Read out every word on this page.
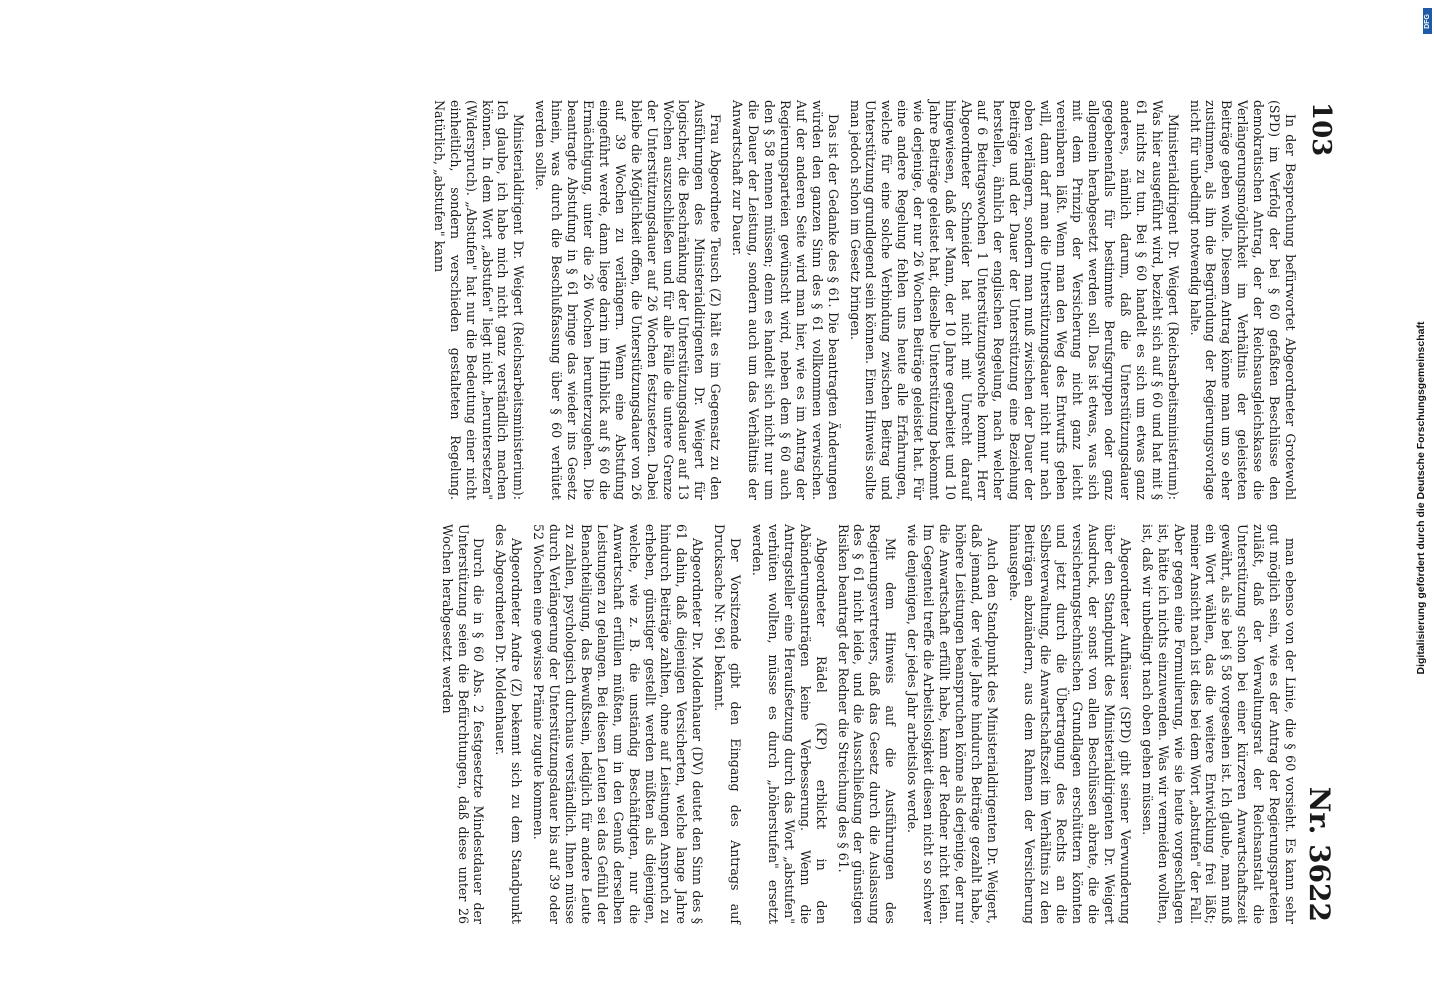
103
Nr. 3622

In der Besprechung befürwortet Abgeordneter Grotewohl (SPD) im Verfolg der bei § 60 gefaßten Beschlüsse den demokratischen Antrag, der der Reichsausgleichskasse die Verlängerungsmöglichkeit im Verhältnis der geleisteten Beiträge geben wolle. Diesem Antrag könne man um so eher zustimmen, als ihn die Begründung der Regierungsvorlage nicht für unbedingt notwendig halte.

Ministerialdirigent Dr. Weigert (Reichsarbeitsministerium): Was hier ausgeführt wird, bezieht sich auf § 60 und hat mit § 61 nichts zu tun. Bei § 60 handelt es sich um etwas ganz anderes, nämlich darum, daß die Unterstützungsdauer gegebenenfalls für bestimmte Berufsgruppen oder ganz allgemein herabgesetzt werden soll. Das ist etwas, was sich mit dem Prinzip der Versicherung nicht ganz leicht vereinbaren läßt. Wenn man den Weg des Entwurfs gehen will, dann darf man die Unterstützungsdauer nicht nur nach oben verlängern, sondern man muß zwischen der Dauer der Beiträge und der Dauer der Unterstützung eine Beziehung herstellen, ähnlich der englischen Regelung, nach welcher auf 6 Beitragswochen 1 Unterstützungswoche kommt. Herr Abgeordneter Schneider hat nicht mit Unrecht darauf hingewiesen, daß der Mann, der 10 Jahre gearbeitet und 10 Jahre Beiträge geleistet hat, dieselbe Unterstützung bekommt wie derjenige, der nur 26 Wochen Beiträge geleistet hat. Für eine andere Regelung fehlen uns heute alle Erfahrungen, welche für eine solche Verbindung zwischen Beitrag und Unterstützung grundlegend sein können. Einen Hinweis sollte man jedoch schon im Gesetz bringen.

Das ist der Gedanke des § 61. Die beantragten Änderungen würden den ganzen Sinn des § 61 vollkommen verwischen. Auf der anderen Seite wird man hier, wie es im Antrag der Regierungsparteien gewünscht wird, neben dem § 60 auch den § 58 nennen müssen; denn es handelt sich nicht nur um die Dauer der Leistung, sondern auch um das Verhältnis der Anwartschaft zur Dauer.

Frau Abgeordnete Teusch (Z) hält es im Gegensatz zu den Ausführungen des Ministerialdirigenten Dr. Weigert für logischer, die Beschränkung der Unterstützungsdauer auf 13 Wochen auszuschließen und für alle Fälle die untere Grenze der Unterstützungsdauer auf 26 Wochen festzusetzen. Dabei bleibe die Möglichkeit offen, die Unterstützungsdauer von 26 auf 39 Wochen zu verlängern. Wenn eine Abstufung eingeführt werde, dann liege darin im Hinblick auf § 60 die Ermächtigung, unter die 26 Wochen herunterzugehen. Die beantragte Abstufung in § 61 bringe das wieder ins Gesetz hinein, was durch die Beschlußfassung über § 60 verhütet werden sollte.

Ministerialdirigent Dr. Weigert (Reichsarbeitsministerium): Ich glaube, ich habe mich nicht ganz verständlich machen können. In dem Wort „abstufen" liegt nicht „heruntersetzen" (Widerspruch). „Abstufen" hat nur die Bedeutung einer nicht einheitlich, sondern verschieden gestalteten Regelung. Natürlich, „abstufen" kann

man ebenso von der Linie, die § 60 vorsieht. Es kann sehr gut möglich sein, wie es der Antrag der Regierungsparteien zuläßt, daß der Verwaltungsrat der Reichsanstalt die Unterstützung schon bei einer kürzeren Anwartschaftszeit gewährt, als sie bei § 58 vorgesehen ist. Ich glaube, man muß ein Wort wählen, das die weitere Entwicklung frei läßt; meiner Ansicht nach ist dies bei dem Wort „abstufen" der Fall. Aber gegen eine Formulierung, wie sie heute vorgeschlagen ist, hätte ich nichts einzuwenden. Was wir vermeiden wollten, ist, daß wir unbedingt nach oben gehen müssen.

Abgeordneter Aufhäuser (SPD) gibt seiner Verwunderung über den Standpunkt des Ministerialdirigenten Dr. Weigert Ausdruck, der sonst von allen Beschlüssen abrate, die die versicherungstechnischen Grundlagen erschüttern könnten und jetzt durch die Übertragung des Rechts an die Selbstverwaltung, die Anwartschaftszeit im Verhältnis zu den Beiträgen abzuändern, aus dem Rahmen der Versicherung hinausgehe.

Auch den Standpunkt des Ministerialdirigenten Dr. Weigert, daß jemand, der viele Jahre hindurch Beiträge gezahlt habe, höhere Leistungen beanspruchen könne als derjenige, der nur die Anwartschaft erfüllt habe, kann der Redner nicht teilen. Im Gegenteil treffe die Arbeitslosigkeit diesen nicht so schwer wie denjenigen, der jedes Jahr arbeitslos werde.

Mit dem Hinweis auf die Ausführungen des Regierungsvertreters, daß das Gesetz durch die Auslassung des § 61 nicht leide, und die Ausschließung der günstigen Risiken beantragt der Redner die Streichung des § 61.

Abgeordneter Rädel (KP) erblickt in den Abänderungsanträgen keine Verbesserung. Wenn die Antragsteller eine Heraufsetzung durch das Wort „abstufen" verhüten wollten, müsse es durch „höherstufen" ersetzt werden.

Der Vorsitzende gibt den Eingang des Antrags auf Drucksache Nr. 961 bekannt.

Abgeordneter Dr. Moldenhauer (DV) deutet den Sinn des § 61 dahin, daß diejenigen Versicherten, welche lange Jahre hindurch Beiträge zahlten, ohne auf Leistungen Anspruch zu erheben, günstiger gestellt werden müßten als diejenigen, welche, wie z. B. die unständig Beschäftigten, nur die Anwartschaft erfüllen müßten, um in den Genuß derselben Leistungen zu gelangen. Bei diesen Leuten sei das Gefühl der Benachteiligung, das Bewußtsein, lediglich für andere Leute zu zahlen, psychologisch durchaus verständlich. Ihnen müsse durch Verlängerung der Unterstützungsdauer bis auf 39 oder 52 Wochen eine gewisse Prämie zugute kommen.

Abgeordneter Andre (Z) bekennt sich zu dem Standpunkt des Abgeordneten Dr. Moldenhauer.

Durch die in § 60 Abs. 2 festgesetzte Mindestdauer der Unterstützung seien die Befürchtungen, daß diese unter 26 Wochen herabgesetzt werden	Digitalisierung gefördert durch die Deutsche Forschungsgemeinschaft
DFG
